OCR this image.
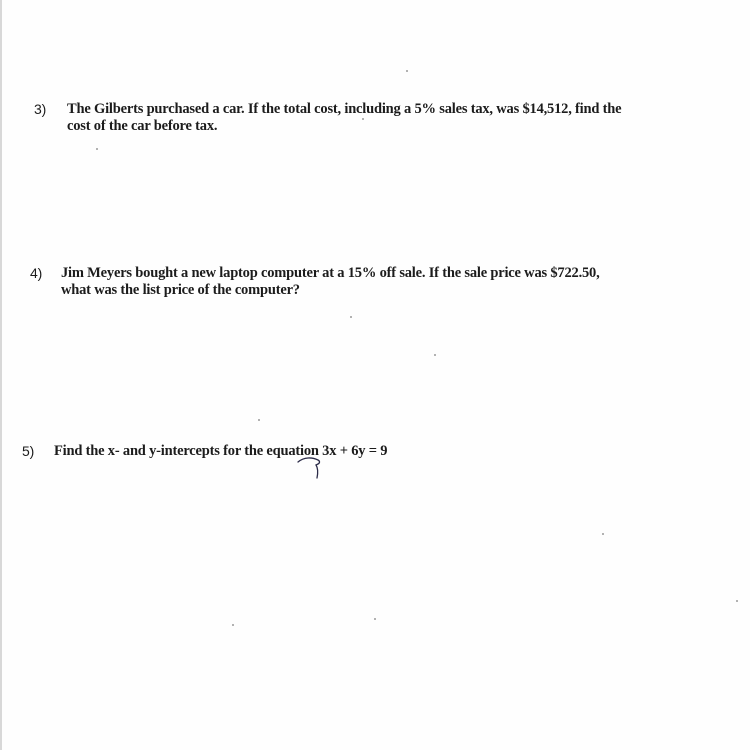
3)	The Gilberts purchased a car. If the total cost, including a 5% sales tax, was $14,512, find the
cost of the car before tax.
4)	Jim Meyers bought a new laptop computer at a 15% off sale. If the sale price was $722.50,
what was the list price of the computer?
5)	Find the x- and y-intercepts for the equation 3x + 6y = 9
